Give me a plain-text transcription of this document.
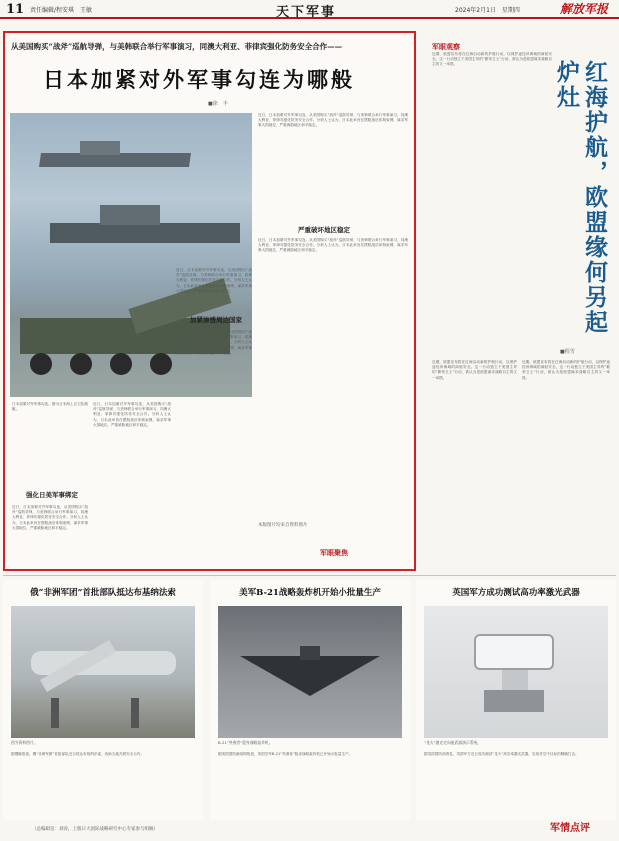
11 责任编辑/程安琪　王敏	天下军事	2024年2月1日　星期四	解放军报
从美国购买“战斧”巡航导弹，与美韩联合举行军事演习，同澳大利亚、菲律宾强化防务安全合作——
日本加紧对外军事勾连为哪般
■徐　丰
近日，日本加紧对外军事勾连，从美国购买“战斧”巡航导弹，与美韩联合举行军事演习，同澳大利亚、菲律宾强化防务安全合作。分析人士认为，日本此举旨在摆脱战后体制束缚，谋求军事大国地位，严重威胁地区和平稳定。
严重破坏地区稳定
近日，日本加紧对外军事勾连，从美国购买“战斧”巡航导弹，与美韩联合举行军事演习，同澳大利亚、菲律宾强化防务安全合作。分析人士认为，日本此举旨在摆脱战后体制束缚，谋求军事大国地位，严重威胁地区和平稳定。
近日，日本加紧对外军事勾连，从美国购买“战斧”巡航导弹，与美韩联合举行军事演习，同澳大利亚、菲律宾强化防务安全合作。分析人士认为，日本此举旨在摆脱战后体制束缚，谋求军事大国地位，严重威胁地区和平稳定。
加紧渗透周边国家
近日，日本加紧对外军事勾连，从美国购买“战斧”巡航导弹，与美韩联合举行军事演习，同澳大利亚、菲律宾强化防务安全合作。分析人士认为，日本此举旨在摆脱战后体制束缚，谋求军事大国地位，严重威胁地区和平稳定。
日本加紧对外军事勾连。图为日本海上自卫队舰艇。
强化日美军事绑定
近日，日本加紧对外军事勾连，从美国购买“战斧”巡航导弹，与美韩联合举行军事演习，同澳大利亚、菲律宾强化防务安全合作。分析人士认为，日本此举旨在摆脱战后体制束缚，谋求军事大国地位，严重威胁地区和平稳定。
近日，日本加紧对外军事勾连，从美国购买“战斧”巡航导弹，与美韩联合举行军事演习，同澳大利亚、菲律宾强化防务安全合作。分析人士认为，日本此举旨在摆脱战后体制束缚，谋求军事大国地位，严重威胁地区和平稳定。
本版图片均来自资料图片
军眼观察
红海护航，欧盟缘何另起炉灶
■程雪
近期，欧盟宣布将在红海启动新的护航行动，以保护途经该海域的商船安全。这一行动独立于美国主导的“繁荣卫士”行动，被认为是欧盟谋求战略自主的又一举措。
近期，欧盟宣布将在红海启动新的护航行动，以保护途经该海域的商船安全。这一行动独立于美国主导的“繁荣卫士”行动，被认为是欧盟谋求战略自主的又一举措。
近期，欧盟宣布将在红海启动新的护航行动，以保护途经该海域的商船安全。这一行动独立于美国主导的“繁荣卫士”行动，被认为是欧盟谋求战略自主的又一举措。
军眼聚焦
俄“非洲军团”首批部队抵达布基纳法索
图为资料图片。
据俄媒报道，俄“非洲军团”首批部队近日抵达布基纳法索，协助当地开展安全合作。
美军B-21战略轰炸机开始小批量生产
B-21“突袭者”隐身战略轰炸机。
据美国国防新闻网报道，美国空军B-21“突袭者”隐身战略轰炸机已开始小批量生产。
英国军方成功测试高功率激光武器
“龙火”激光定向能武器演示系统。
据英国国防部消息，英国军方近日成功测试“龙火”高功率激光武器，实现对空中目标的精确打击。
（总编辑室：刘涛，上版日大国际战略研究中心专家参与组稿）	军情点评
